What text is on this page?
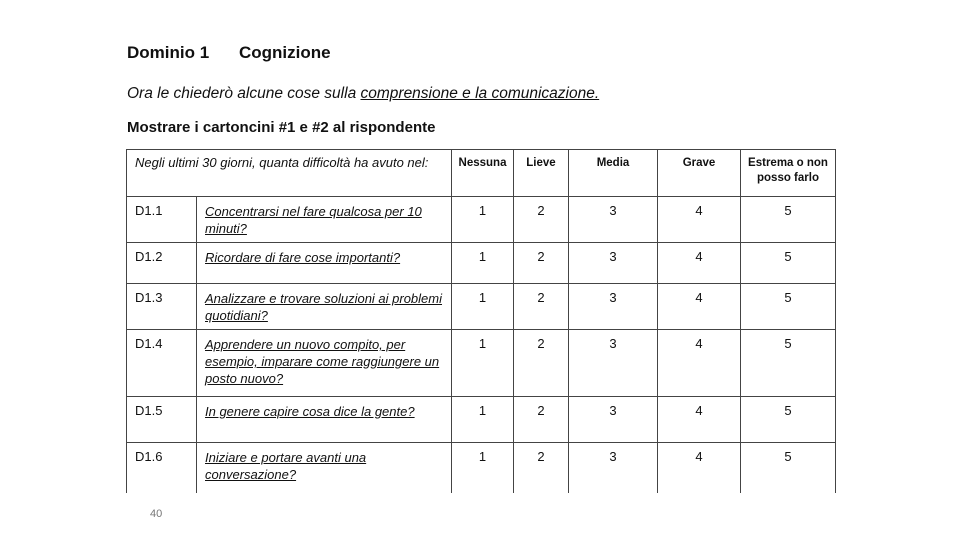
Dominio 1 Cognizione
Ora le chiederò alcune cose sulla comprensione e la comunicazione.
Mostrare i cartoncini #1 e #2 al rispondente
Negli ultimi 30 giorni, quanta difficoltà ha avuto nel:		Nessuna	Lieve	Media	Grave	Estrema o non posso farlo
D1.1	Concentrarsi nel fare qualcosa per 10 minuti?	1	2	3	4	5
D1.2	Ricordare di fare cose importanti?	1	2	3	4	5
D1.3	Analizzare e trovare soluzioni ai problemi quotidiani?	1	2	3	4	5
D1.4	Apprendere un nuovo compito, per esempio, imparare come raggiungere un posto nuovo?	1	2	3	4	5
D1.5	In genere capire cosa dice la gente?	1	2	3	4	5
D1.6	Iniziare e portare avanti una conversazione?	1	2	3	4	5
40
